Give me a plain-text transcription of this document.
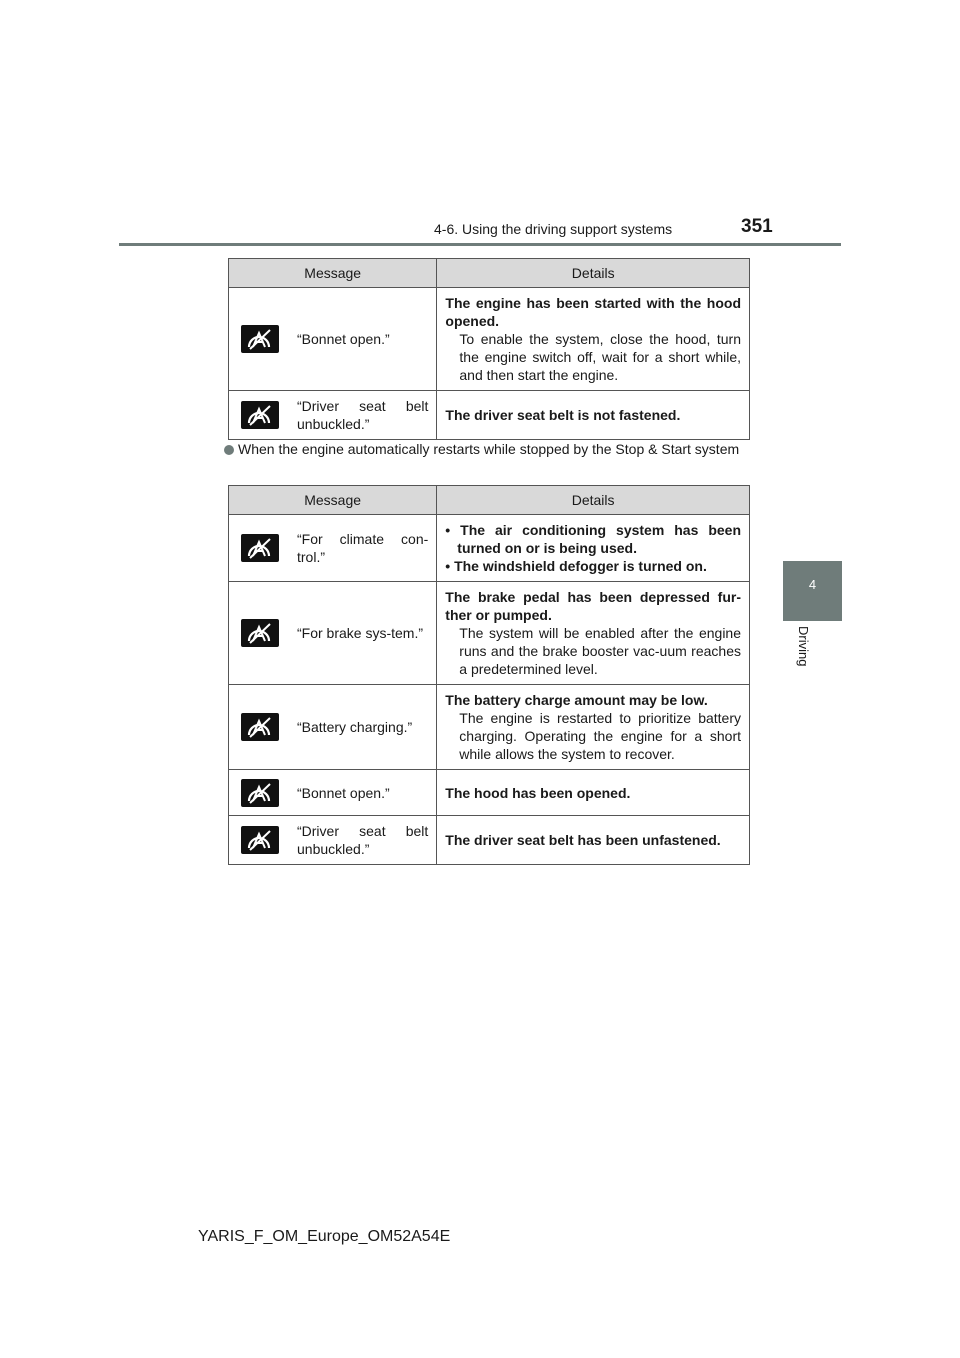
4-6. Using the driving support systems	351
4
Driving
Message	Details

“Bonnet open.”	The engine has been started with the hood opened.
To enable the system, close the hood, turn the engine switch off, wait for a short while, and then start the engine.

“Driver seat belt unbuckled.”	The driver seat belt is not fastened.
When the engine automatically restarts while stopped by the Stop & Start system
Message	Details

“For climate con-trol.”	• The air conditioning system has been turned on or is being used.
• The windshield defogger is turned on.

“For brake sys-tem.”	The brake pedal has been depressed fur-ther or pumped.
The system will be enabled after the engine runs and the brake booster vac-uum reaches a predetermined level.

“Battery charging.”	The battery charge amount may be low.
The engine is restarted to prioritize battery charging. Operating the engine for a short while allows the system to recover.

“Bonnet open.”	The hood has been opened.

“Driver seat belt unbuckled.”	The driver seat belt has been unfastened.
YARIS_F_OM_Europe_OM52A54E
